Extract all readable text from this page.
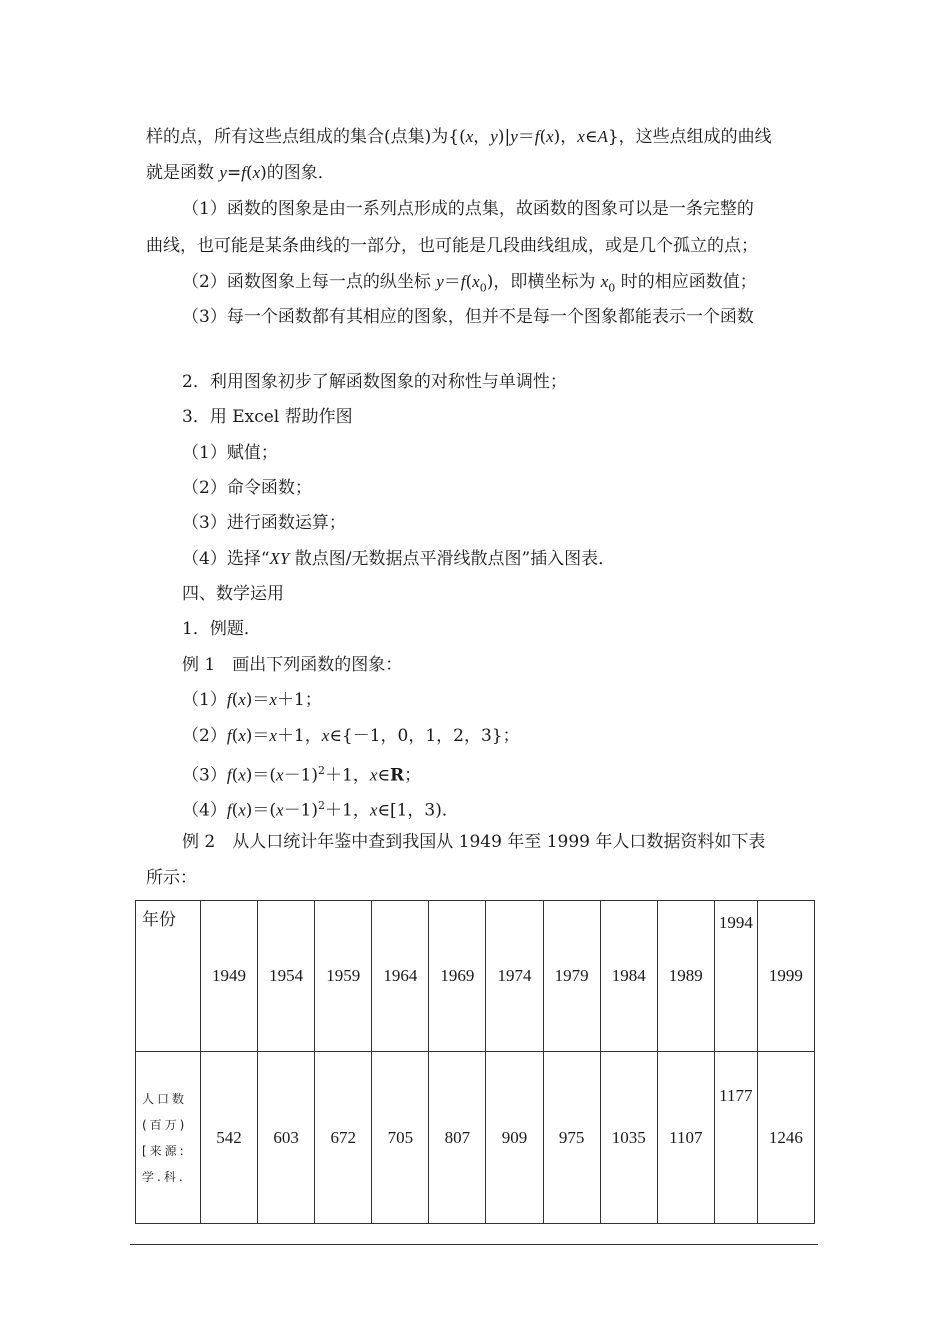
样的点，所有这些点组成的集合(点集)为{(x，y)|y＝f(x)，x∈A}，这些点组成的曲线
就是函数 y=f(x)的图象．
（1）函数的图象是由一系列点形成的点集，故函数的图象可以是一条完整的
曲线，也可能是某条曲线的一部分，也可能是几段曲线组成，或是几个孤立的点；
（2）函数图象上每一点的纵坐标 $y=f(x_0)$，即横坐标为 $x_0$ 时的相应函数值；
（3）每一个函数都有其相应的图象，但并不是每一个图象都能表示一个函数
2．利用图象初步了解函数图象的对称性与单调性；
3．用 Excel 帮助作图
（1）赋值；
（2）命令函数；
（3）进行函数运算；
（4）选择“XY 散点图/无数据点平滑线散点图”插入图表．
四、数学运用
1．例题．
例 1　画出下列函数的图象：
（1）f(x)＝x＋1；
（2）f(x)＝x＋1，x∈{－1，0，1，2，3}；
$(3)f(x)=(x-1)^2+1$，x∈R；
$(4)f(x)=(x-1)^2+1$，x∈[1，3)．
例 2　从人口统计年鉴中查到我国从 1949 年至 1999 年人口数据资料如下表
所示：
年份	1949	1954	1959	1964	1969	1974	1979	1984	1989	1994	1999
人口数(百万)[来源:学.科.	542	603	672	705	807	909	975	1035	1107	1177	1246
